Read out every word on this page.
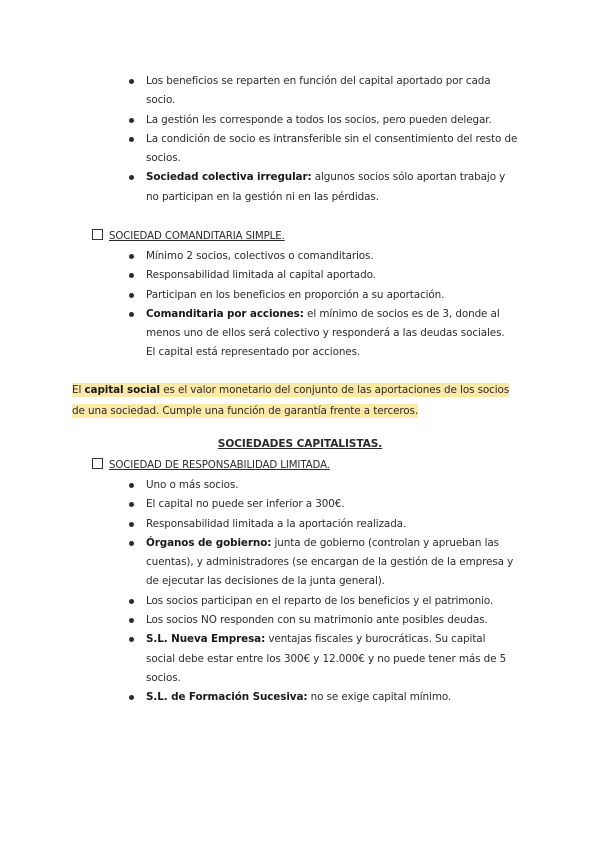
Los beneficios se reparten en función del capital aportado por cada socio.
La gestión les corresponde a todos los socios, pero pueden delegar.
La condición de socio es intransferible sin el consentimiento del resto de socios.
Sociedad colectiva irregular: algunos socios sólo aportan trabajo y no participan en la gestión ni en las pérdidas.
SOCIEDAD COMANDITARIA SIMPLE.
Mínimo 2 socios, colectivos o comanditarios.
Responsabilidad limitada al capital aportado.
Participan en los beneficios en proporción a su aportación.
Comanditaria por acciones: el mínimo de socios es de 3, donde al menos uno de ellos será colectivo y responderá a las deudas sociales. El capital está representado por acciones.
El capital social es el valor monetario del conjunto de las aportaciones de los socios de una sociedad. Cumple una función de garantía frente a terceros.
SOCIEDADES CAPITALISTAS.
SOCIEDAD DE RESPONSABILIDAD LIMITADA.
Uno o más socios.
El capital no puede ser inferior a 300€.
Responsabilidad limitada a la aportación realizada.
Órganos de gobierno: junta de gobierno (controlan y aprueban las cuentas), y administradores (se encargan de la gestión de la empresa y de ejecutar las decisiones de la junta general).
Los socios participan en el reparto de los beneficios y el patrimonio.
Los socios NO responden con su matrimonio ante posibles deudas.
S.L. Nueva Empresa: ventajas fiscales y burocráticas. Su capital social debe estar entre los 300€ y 12.000€ y no puede tener más de 5 socios.
S.L. de Formación Sucesiva: no se exige capital mínimo.
